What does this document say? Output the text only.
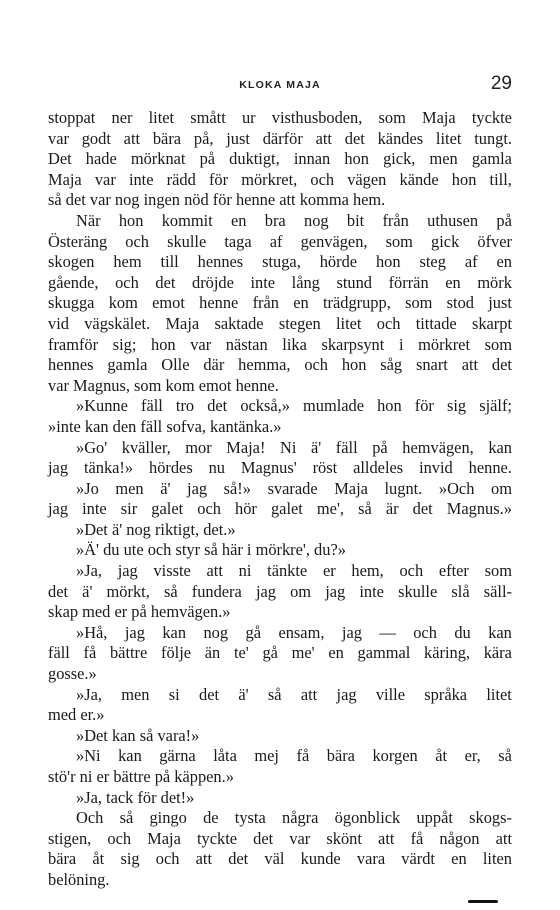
KLOKA MAJA	29
stoppat ner litet smått ur visthusboden, som Maja tyckte
var godt att bära på, just därför att det kändes litet tungt.
Det hade mörknat på duktigt, innan hon gick, men gamla
Maja var inte rädd för mörkret, och vägen kände hon till,
så det var nog ingen nöd för henne att komma hem.
När hon kommit en bra nog bit från uthusen på
Österäng och skulle taga af genvägen, som gick öfver
skogen hem till hennes stuga, hörde hon steg af en
gående, och det dröjde inte lång stund förrän en mörk
skugga kom emot henne från en trädgrupp, som stod just
vid vägskälet. Maja saktade stegen litet och tittade skarpt
framför sig; hon var nästan lika skarpsynt i mörkret som
hennes gamla Olle där hemma, och hon såg snart att det
var Magnus, som kom emot henne.
»Kunne fäll tro det också,» mumlade hon för sig själf;
»inte kan den fäll sofva, kantänka.»
»Go' kväller, mor Maja! Ni ä' fäll på hemvägen, kan
jag tänka!» hördes nu Magnus' röst alldeles invid henne.
»Jo men ä' jag så!» svarade Maja lugnt. »Och om
jag inte sir galet och hör galet me', så är det Magnus.»
»Det ä' nog riktigt, det.»
»Ä' du ute och styr så här i mörkre', du?»
»Ja, jag visste att ni tänkte er hem, och efter som
det ä' mörkt, så fundera jag om jag inte skulle slå säll-
skap med er på hemvägen.»
»Hå, jag kan nog gå ensam, jag — och du kan
fäll få bättre följe än te' gå me' en gammal käring, kära
gosse.»
»Ja, men si det ä' så att jag ville språka litet
med er.»
»Det kan så vara!»
»Ni kan gärna låta mej få bära korgen åt er, så
stö'r ni er bättre på käppen.»
»Ja, tack för det!»
Och så gingo de tysta några ögonblick uppåt skogs-
stigen, och Maja tyckte det var skönt att få någon att
bära åt sig och att det väl kunde vara värdt en liten
belöning.
